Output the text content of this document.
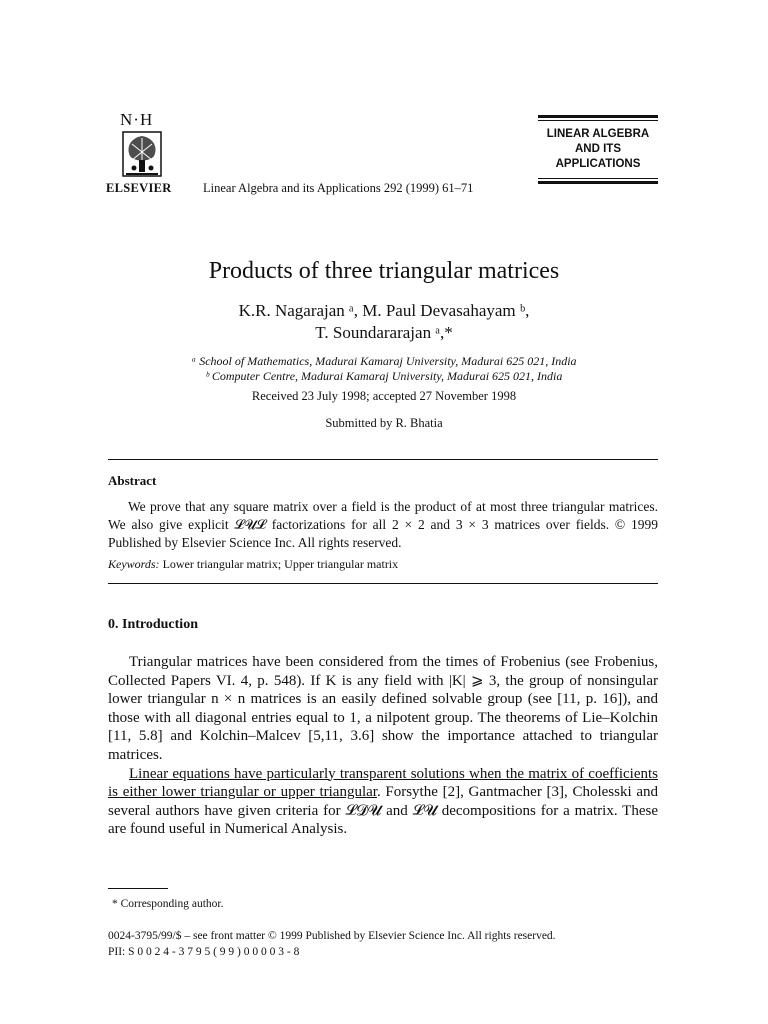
N·H
ELSEVIER	Linear Algebra and its Applications 292 (1999) 61–71
LINEAR ALGEBRA
AND ITS
APPLICATIONS
Products of three triangular matrices
K.R. Nagarajan ᵃ, M. Paul Devasahayam ᵇ,
T. Soundararajan ᵃ,*
ᵃ School of Mathematics, Madurai Kamaraj University, Madurai 625 021, India
ᵇ Computer Centre, Madurai Kamaraj University, Madurai 625 021, India
Received 23 July 1998; accepted 27 November 1998
Submitted by R. Bhatia
Abstract
We prove that any square matrix over a field is the product of at most three triangular matrices. We also give explicit 𝓛𝓤𝓛 factorizations for all 2 × 2 and 3 × 3 matrices over fields. © 1999 Published by Elsevier Science Inc. All rights reserved.
Keywords: Lower triangular matrix; Upper triangular matrix
0. Introduction

Triangular matrices have been considered from the times of Frobenius (see Frobenius, Collected Papers VI. 4, p. 548). If K is any field with |K| ⩾ 3, the group of nonsingular lower triangular n × n matrices is an easily defined solvable group (see [11, p. 16]), and those with all diagonal entries equal to 1, a nilpotent group. The theorems of Lie–Kolchin [11, 5.8] and Kolchin–Malcev [5,11, 3.6] show the importance attached to triangular matrices.

Linear equations have particularly transparent solutions when the matrix of coefficients is either lower triangular or upper triangular. Forsythe [2], Gantmacher [3], Cholesski and several authors have given criteria for 𝓛𝓓𝓤 and 𝓛𝓤 decompositions for a matrix. These are found useful in Numerical Analysis.

* Corresponding author.
0024-3795/99/$ – see front matter © 1999 Published by Elsevier Science Inc. All rights reserved.
PII: S 0 0 2 4 - 3 7 9 5 ( 9 9 ) 0 0 0 0 3 - 8
